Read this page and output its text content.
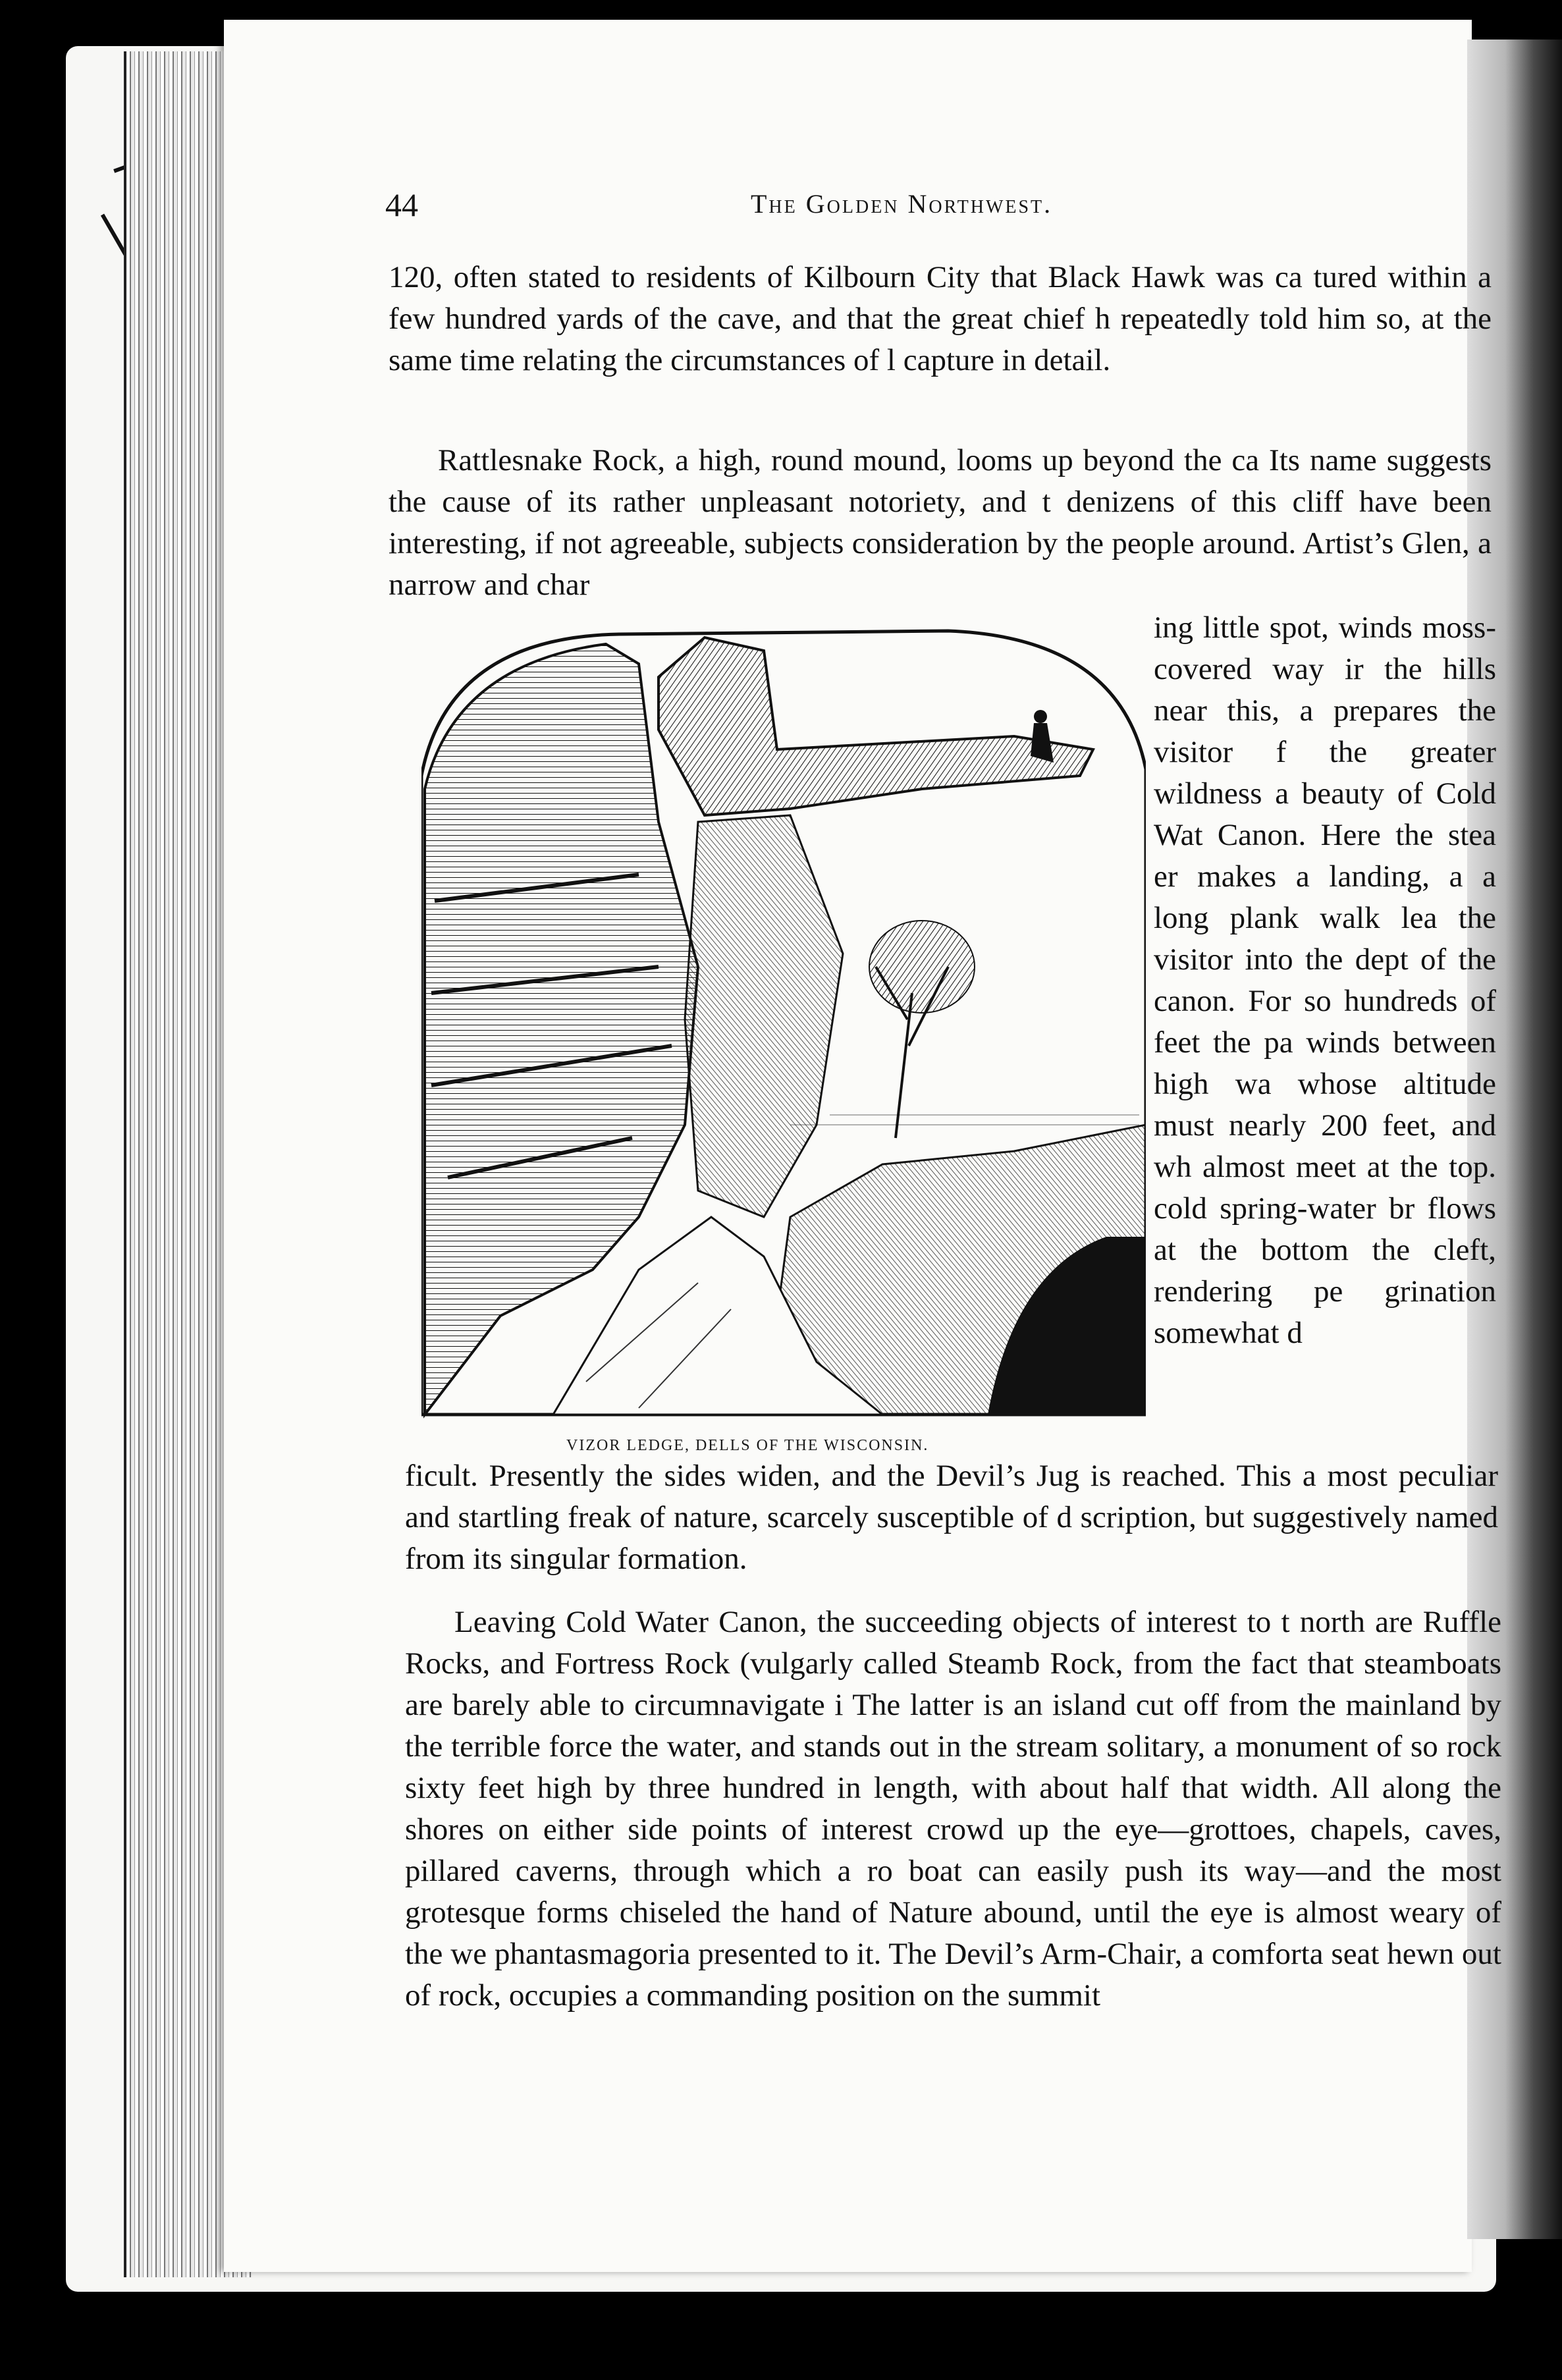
44	The Golden Northwest.

120, often stated to residents of Kilbourn City that Black Hawk was ca tured within a few hundred yards of the cave, and that the great chief h repeatedly told him so, at the same time relating the circumstances of l capture in detail.

Rattlesnake Rock, a high, round mound, looms up beyond the ca Its name suggests the cause of its rather unpleasant notoriety, and t denizens of this cliff have been interesting, if not agreeable, subjects consideration by the people around. Artist’s Glen, a narrow and char

VIZOR LEDGE, DELLS OF THE WISCONSIN.

ing little spot, winds moss-covered way ir the hills near this, a prepares the visitor f the greater wildness a beauty of Cold Wat Canon. Here the stea er makes a landing, a a long plank walk lea the visitor into the dept of the canon. For so hundreds of feet the pa winds between high wa whose altitude must nearly 200 feet, and wh almost meet at the top. cold spring-water br flows at the bottom the cleft, rendering pe grination somewhat d

ficult. Presently the sides widen, and the Devil’s Jug is reached. This a most peculiar and startling freak of nature, scarcely susceptible of d scription, but suggestively named from its singular formation.

Leaving Cold Water Canon, the succeeding objects of interest to t north are Ruffle Rocks, and Fortress Rock (vulgarly called Steamb Rock, from the fact that steamboats are barely able to circumnavigate i The latter is an island cut off from the mainland by the terrible force the water, and stands out in the stream solitary, a monument of so rock sixty feet high by three hundred in length, with about half that width. All along the shores on either side points of interest crowd up the eye—grottoes, chapels, caves, pillared caverns, through which a ro boat can easily push its way—and the most grotesque forms chiseled the hand of Nature abound, until the eye is almost weary of the we phantasmagoria presented to it. The Devil’s Arm-Chair, a comforta seat hewn out of rock, occupies a commanding position on the summit
